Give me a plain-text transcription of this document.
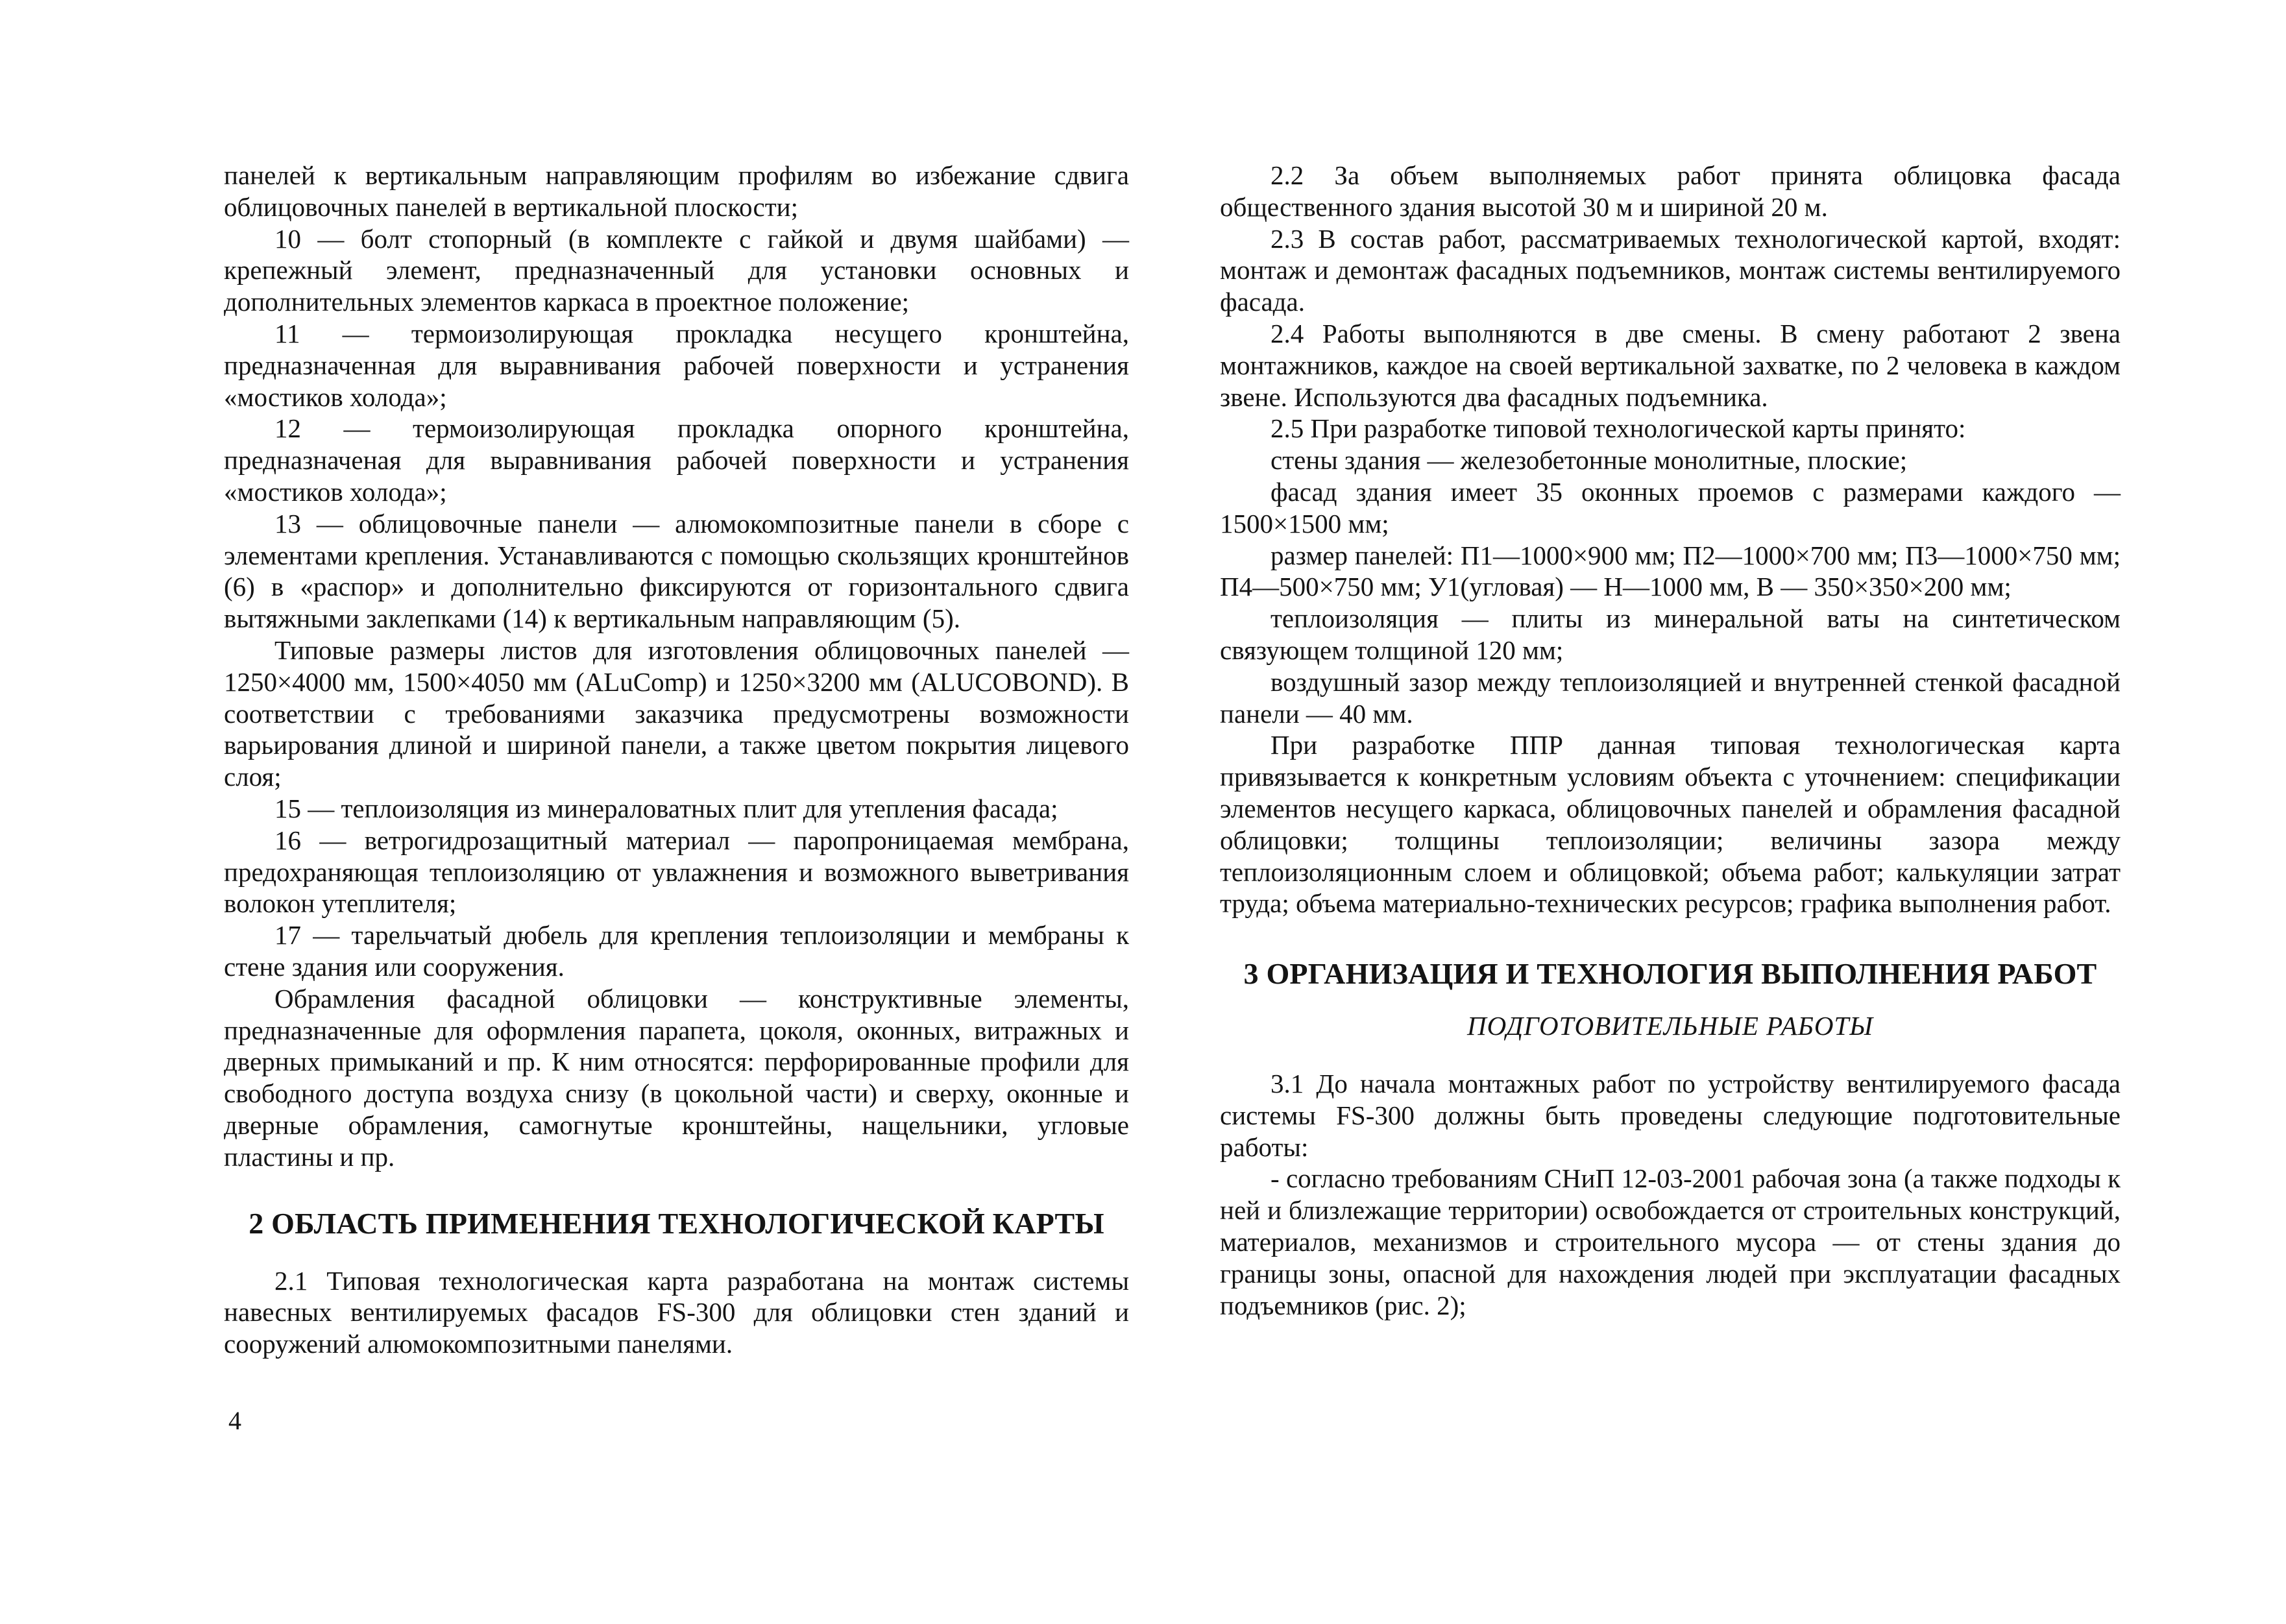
панелей к вертикальным направляющим профилям во избежание сдвига облицовочных панелей в вертикальной плоскости;

10 — болт стопорный (в комплекте с гайкой и двумя шайбами) — крепежный элемент, предназначенный для установки основных и дополнительных элементов каркаса в проектное положение;

11 — термоизолирующая прокладка несущего кронштейна, предназначенная для выравнивания рабочей поверхности и устранения «мостиков холода»;

12 — термоизолирующая прокладка опорного кронштейна, предназначеная для выравнивания рабочей поверхности и устранения «мостиков холода»;

13 — облицовочные панели — алюмокомпозитные панели в сборе с элементами крепления. Устанавливаются с помощью скользящих кронштейнов (6) в «распор» и дополнительно фиксируются от горизонтального сдвига вытяжными заклепками (14) к вертикальным направляющим (5).

Типовые размеры листов для изготовления облицовочных панелей — 1250×4000 мм, 1500×4050 мм (ALuComp) и 1250×3200 мм (ALUCOBOND). В соответствии с требованиями заказчика предусмотрены возможности варьирования длиной и шириной панели, а также цветом покрытия лицевого слоя;

15 — теплоизоляция из минераловатных плит для утепления фасада;

16 — ветрогидрозащитный материал — паропроницаемая мембрана, предохраняющая теплоизоляцию от увлажнения и возможного выветривания волокон утеплителя;

17 — тарельчатый дюбель для крепления теплоизоляции и мембраны к стене здания или сооружения.

Обрамления фасадной облицовки — конструктивные элементы, предназначенные для оформления парапета, цоколя, оконных, витражных и дверных примыканий и пр. К ним относятся: перфорированные профили для свободного доступа воздуха снизу (в цокольной части) и сверху, оконные и дверные обрамления, самогнутые кронштейны, нащельники, угловые пластины и пр.

2 ОБЛАСТЬ ПРИМЕНЕНИЯ ТЕХНОЛОГИЧЕСКОЙ КАРТЫ

2.1 Типовая технологическая карта разработана на монтаж системы навесных вентилируемых фасадов FS-300 для облицовки стен зданий и сооружений алюмокомпозитными панелями.

2.2 За объем выполняемых работ принята облицовка фасада общественного здания высотой 30 м и шириной 20 м.

2.3 В состав работ, рассматриваемых технологической картой, входят: монтаж и демонтаж фасадных подъемников, монтаж системы вентилируемого фасада.

2.4 Работы выполняются в две смены. В смену работают 2 звена монтажников, каждое на своей вертикальной захватке, по 2 человека в каждом звене. Используются два фасадных подъемника.

2.5 При разработке типовой технологической карты принято:

стены здания — железобетонные монолитные, плоские;

фасад здания имеет 35 оконных проемов с размерами каждого — 1500×1500 мм;

размер панелей: П1—1000×900 мм; П2—1000×700 мм; П3—1000×750 мм; П4—500×750 мм; У1(угловая) — Н—1000 мм, В — 350×350×200 мм;

теплоизоляция — плиты из минеральной ваты на синтетическом связующем толщиной 120 мм;

воздушный зазор между теплоизоляцией и внутренней стенкой фасадной панели — 40 мм.

При разработке ППР данная типовая технологическая карта привязывается к конкретным условиям объекта с уточнением: спецификации элементов несущего каркаса, облицовочных панелей и обрамления фасадной облицовки; толщины теплоизоляции; величины зазора между теплоизоляционным слоем и облицовкой; объема работ; калькуляции затрат труда; объема материально-технических ресурсов; графика выполнения работ.

3 ОРГАНИЗАЦИЯ И ТЕХНОЛОГИЯ ВЫПОЛНЕНИЯ РАБОТ

ПОДГОТОВИТЕЛЬНЫЕ РАБОТЫ

3.1 До начала монтажных работ по устройству вентилируемого фасада системы FS-300 должны быть проведены следующие подготовительные работы:

- согласно требованиям СНиП 12-03-2001 рабочая зона (а также подходы к ней и близлежащие территории) освобождается от строительных конструкций, материалов, механизмов и строительного мусора — от стены здания до границы зоны, опасной для нахождения людей при эксплуатации фасадных подъемников (рис. 2);

4
